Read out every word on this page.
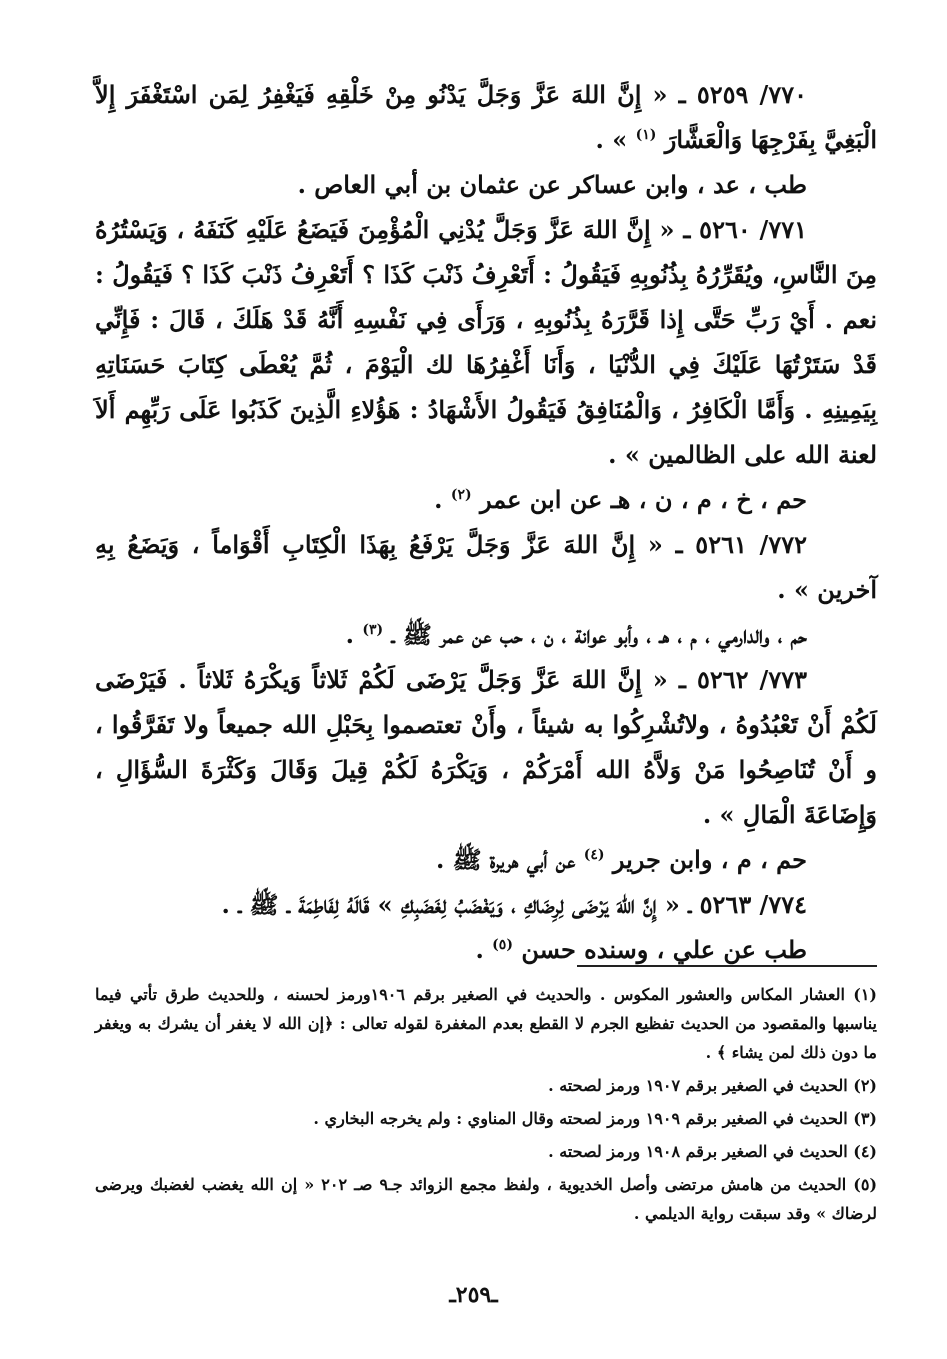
٧٧٠/ ٥٢٥٩ ـ « إِنَّ اللهَ عَزَّ وَجَلَّ يَدْنُو مِنْ خَلْقِهِ فَيَغْفِرُ لِمَن اسْتَغْفَرَ إِلاَّ الْبَغِيَّ بِفَرْجِهَا وَالْعَشَّارَ $^{(١)}$ » .

طب ، عد ، وابن عساكر عن عثمان بن أبي العاص .

٧٧١/ ٥٢٦٠ ـ « إِنَّ اللهَ عَزَّ وَجَلَّ يُدْنِي الْمُؤْمِنَ فَيَضَعُ عَلَيْهِ كَنَفَهُ ، وَيَسْتُرُهُ مِنَ النَّاسِ، ويُقَرِّرُهُ بِذُنُوبِهِ فَيَقُولُ : أَتَعْرِفُ ذَنْبَ كَذَا ؟ أَتَعْرِفُ ذَنْبَ كَذَا ؟ فَيَقُولُ : نعم . أَيْ رَبِّ حَتَّى إِذا قَرَّرَهُ بِذُنُوبِهِ ، وَرَأَى فِي نَفْسِهِ أَنَّهُ قَدْ هَلَكَ ، قَالَ : فَإِنِّي قَدْ سَتَرْتُهَا عَلَيْكَ فِي الدُّنْيَا ، وَأَنَا أَغْفِرُهَا لك الْيَوْمَ ، ثُمَّ يُعْطَى كِتَابَ حَسَنَاتِهِ بِيَمِينِهِ . وَأَمَّا الْكَافِرُ ، وَالْمُنَافِقُ فَيَقُولُ الأَشْهَادُ : هَؤُلاءِ الَّذِينَ كَذَبُوا عَلَى رَبِّهِم أَلاَ لعنة الله على الظالمين » .

حم ، خ ، م ، ن ، هـ عن ابن عمر $^{(٢)}$ .

٧٧٢/ ٥٢٦١ ـ « إِنَّ اللهَ عَزَّ وَجَلَّ يَرْفَعُ بِهَذَا الْكِتَابِ أَقْوَاماً ، وَيَضَعُ بِهِ آخرين » .

حم ، والدارمي ، م ، هـ ، وأبو عوانة ، ن ، حب عن عمر ﷺ ـ $^{(٣)}$ .

٧٧٣/ ٥٢٦٢ ـ « إِنَّ اللهَ عَزَّ وَجَلَّ يَرْضَى لَكُمْ ثَلاثاً وَيكْرَهُ ثَلاثاً . فَيَرْضَى لَكُمْ أَنْ تَعْبُدُوهُ ، ولاتُشْرِكُوا به شيئاً ، وأَنْ تعتصموا بِحَبْلِ الله جميعاً ولا تَفَرَّقُوا ، و أَنْ تُنَاصِحُوا مَنْ وَلاَّهُ الله أَمْرَكُمْ ، وَيَكْرَهُ لَكُمْ قِيلَ وَقَالَ وَكَثْرَةَ السُّؤَالِ ، وَإِضَاعَةَ الْمَالِ » .

حم ، م ، وابن جرير $^{(٤)}$ عن أبي هريرة ﷺ .

٧٧٤/ ٥٢٦٣ ـ « إِنَّ اللهَ يَرْضَى لِرِضَاكِ ، وَيَغْضَبُ لِغَضَبِكِ » قَالَهُ لِفَاطِمَةَ ـ ﷺ ـ .

طب عن علي ، وسنده حسن $^{(٥)}$ .

(١) العشار المكاس والعشور المكوس . والحديث في الصغير برقم ١٩٠٦ورمز لحسنه ، وللحديث طرق تأتي فيما يناسبها والمقصود من الحديث تفظيع الجرم لا القطع بعدم المغفرة لقوله تعالى : ﴿إن الله لا يغفر أن يشرك به ويغفر ما دون ذلك لمن يشاء ﴾ .

(٢) الحديث في الصغير برقم ١٩٠٧ ورمز لصحته .

(٣) الحديث في الصغير برقم ١٩٠٩ ورمز لصحته وقال المناوي : ولم يخرجه البخاري .

(٤) الحديث في الصغير برقم ١٩٠٨ ورمز لصحته .

(٥) الحديث من هامش مرتضى وأصل الخديوية ، ولفظ مجمع الزوائد جـ٩ صـ ٢٠٢ « إن الله يغضب لغضبك ويرضى لرضاك » وقد سبقت رواية الديلمي .

ـ٢٥٩ـ
